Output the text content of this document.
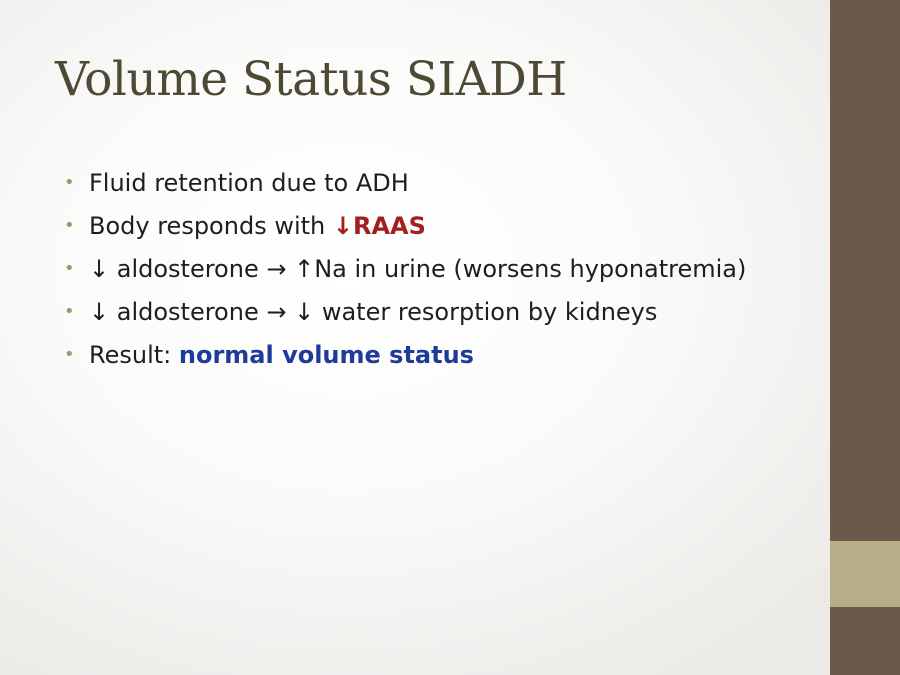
Volume Status SIADH
• Fluid retention due to ADH
• Body responds with ↓RAAS
• ↓ aldosterone → ↑Na in urine (worsens hyponatremia)
• ↓ aldosterone → ↓ water resorption by kidneys
• Result: normal volume status
